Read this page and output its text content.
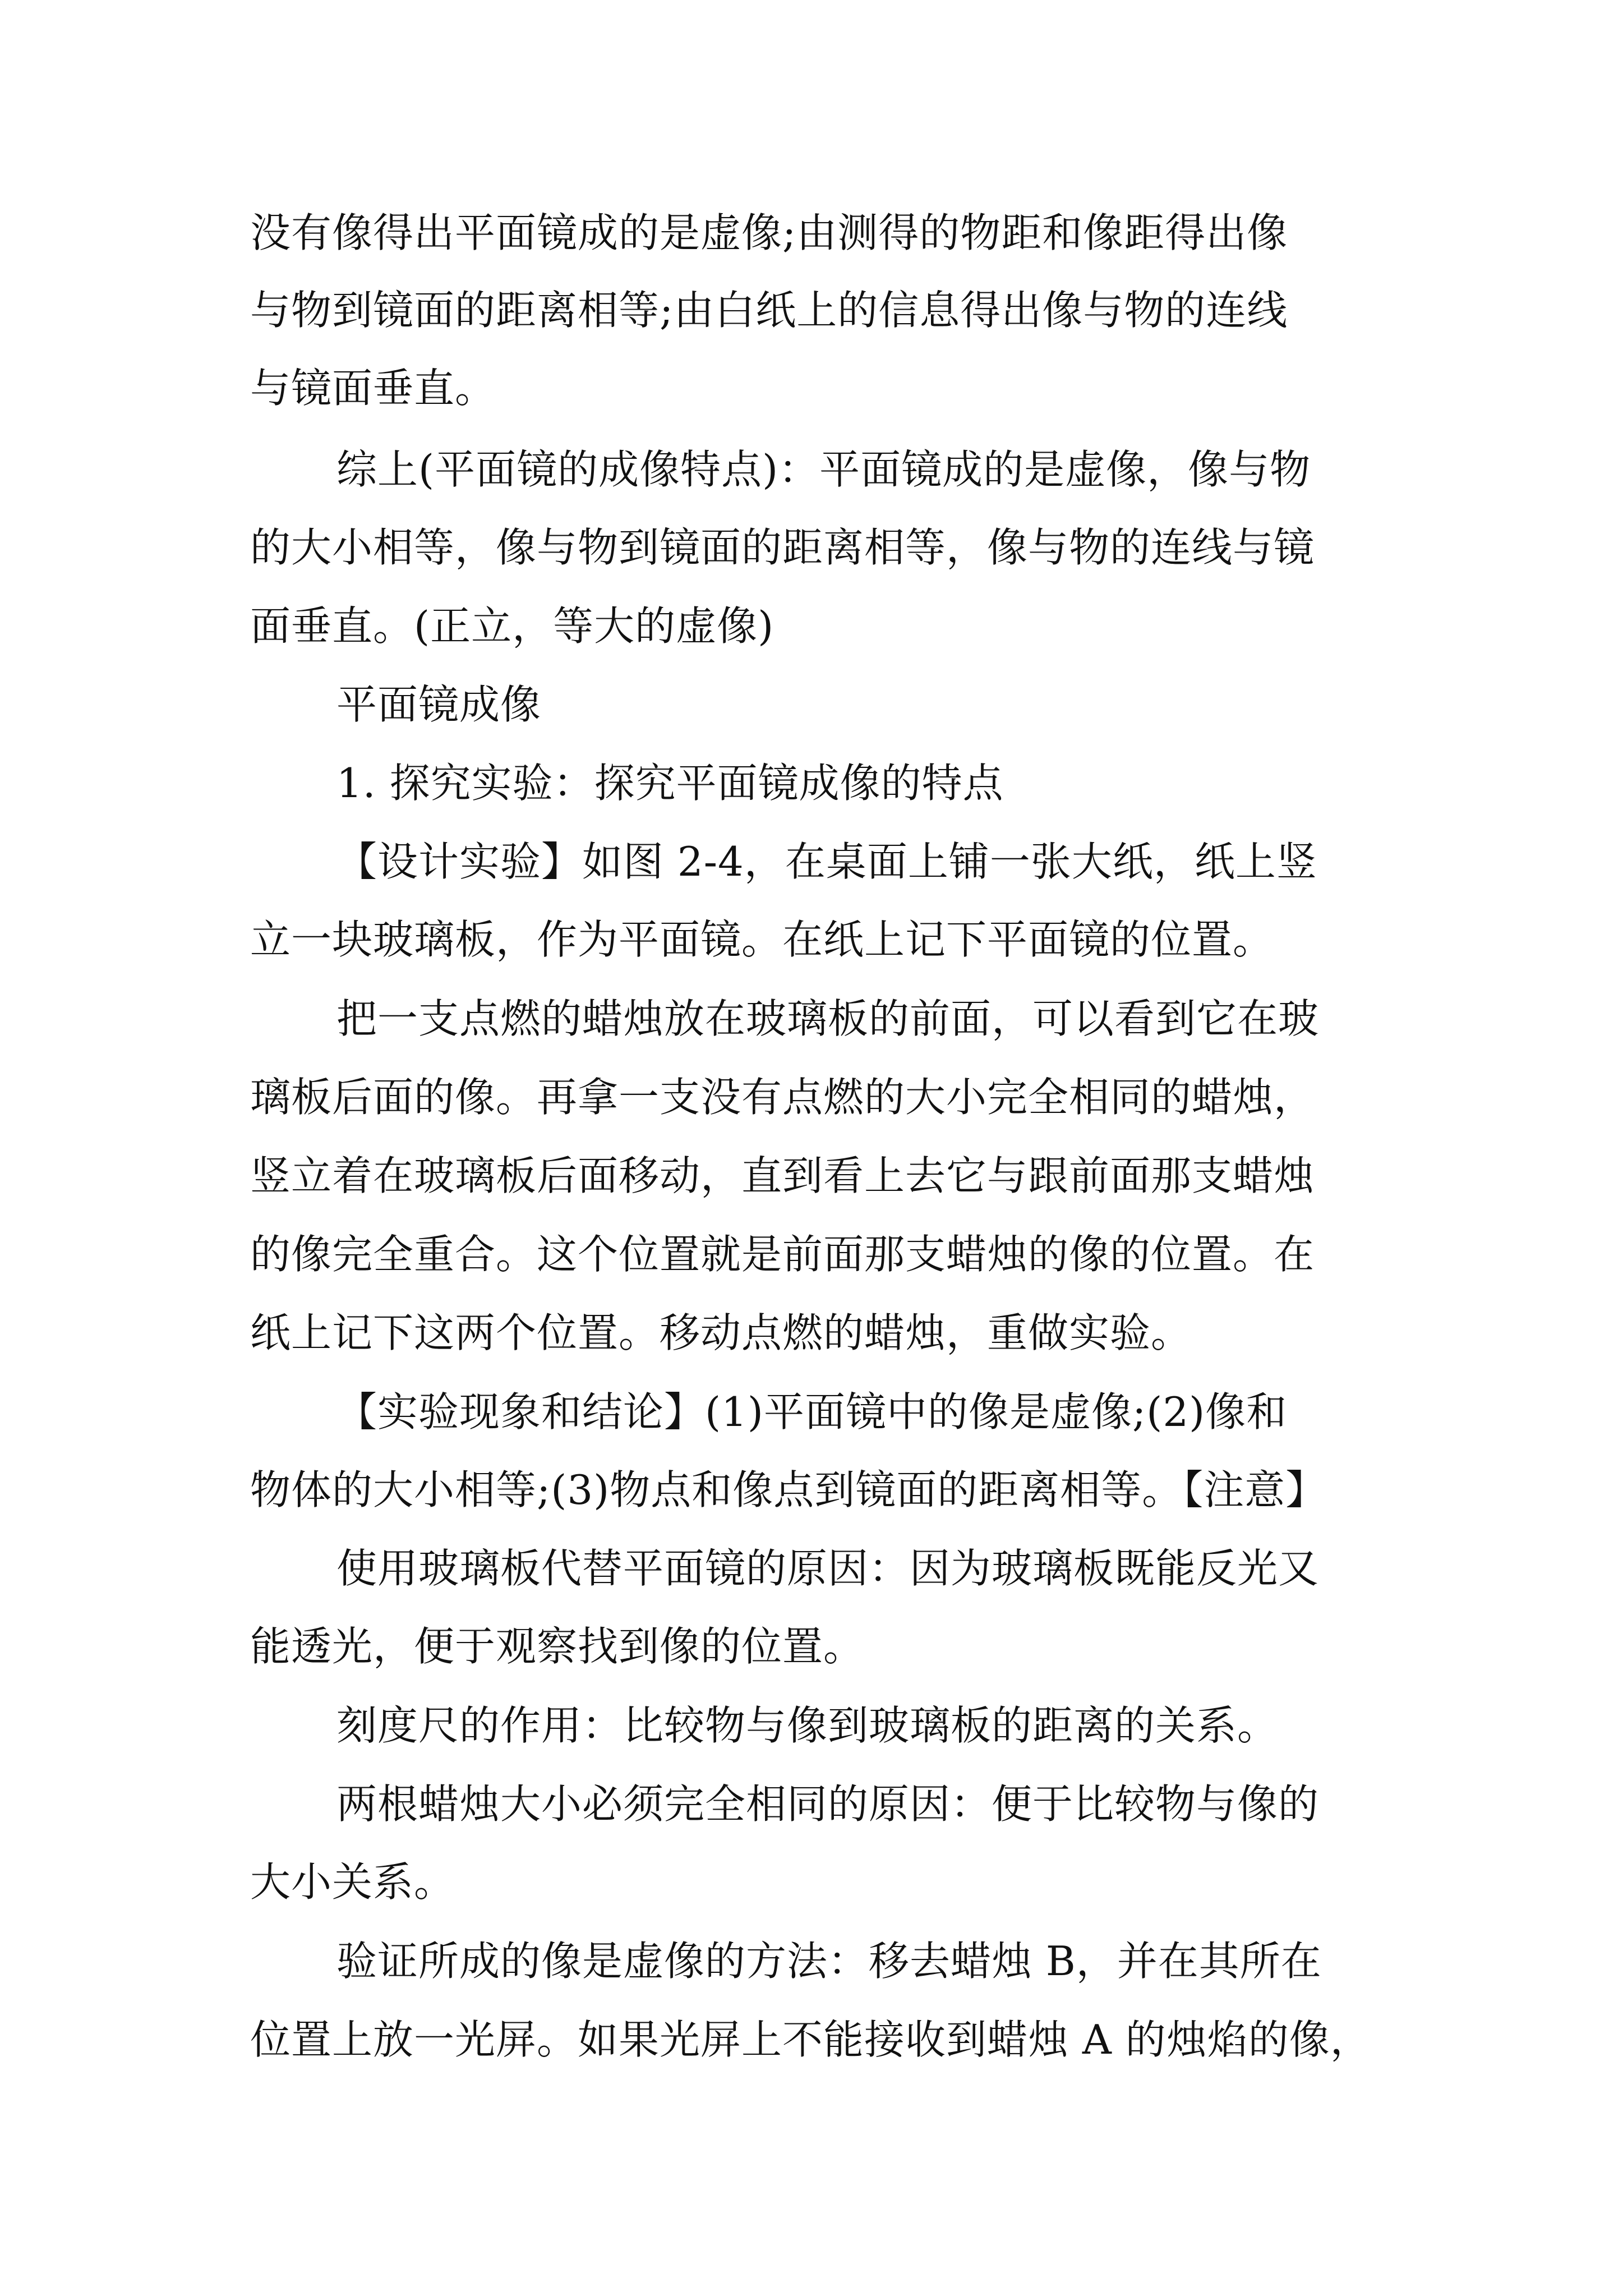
没有像得出平面镜成的是虚像;由测得的物距和像距得出像
与物到镜面的距离相等;由白纸上的信息得出像与物的连线
与镜面垂直。
综上(平面镜的成像特点)：平面镜成的是虚像，像与物
的大小相等，像与物到镜面的距离相等，像与物的连线与镜
面垂直。(正立，等大的虚像)
平面镜成像
1. 探究实验：探究平面镜成像的特点
【设计实验】如图 2-4，在桌面上铺一张大纸，纸上竖
立一块玻璃板，作为平面镜。在纸上记下平面镜的位置。
把一支点燃的蜡烛放在玻璃板的前面，可以看到它在玻
璃板后面的像。再拿一支没有点燃的大小完全相同的蜡烛，
竖立着在玻璃板后面移动，直到看上去它与跟前面那支蜡烛
的像完全重合。这个位置就是前面那支蜡烛的像的位置。在
纸上记下这两个位置。移动点燃的蜡烛，重做实验。
【实验现象和结论】(1)平面镜中的像是虚像;(2)像和
物体的大小相等;(3)物点和像点到镜面的距离相等。【注意】
使用玻璃板代替平面镜的原因：因为玻璃板既能反光又
能透光，便于观察找到像的位置。
刻度尺的作用：比较物与像到玻璃板的距离的关系。
两根蜡烛大小必须完全相同的原因：便于比较物与像的
大小关系。
验证所成的像是虚像的方法：移去蜡烛 B，并在其所在
位置上放一光屏。如果光屏上不能接收到蜡烛 A 的烛焰的像，
